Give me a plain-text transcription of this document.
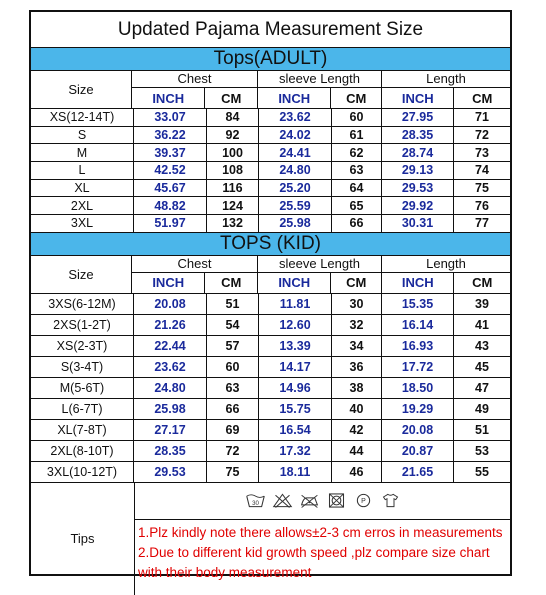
Updated Pajama Measurement Size
Tops(ADULT)
Size
Chest
INCH	CM
sleeve Length
INCH	CM
Length
INCH	CM
XS(12-14T)	33.07	84	23.62	60	27.95	71
S	36.22	92	24.02	61	28.35	72
M	39.37	100	24.41	62	28.74	73
L	42.52	108	24.80	63	29.13	74
XL	45.67	116	25.20	64	29.53	75
2XL	48.82	124	25.59	65	29.92	76
3XL	51.97	132	25.98	66	30.31	77
TOPS (KID)
Size
Chest
INCH	CM
sleeve Length
INCH	CM
Length
INCH	CM
3XS(6-12M)	20.08	51	11.81	30	15.35	39
2XS(1-2T)	21.26	54	12.60	32	16.14	41
XS(2-3T)	22.44	57	13.39	34	16.93	43
S(3-4T)	23.62	60	14.17	36	17.72	45
M(5-6T)	24.80	63	14.96	38	18.50	47
L(6-7T)	25.98	66	15.75	40	19.29	49
XL(7-8T)	27.17	69	16.54	42	20.08	51
2XL(8-10T)	28.35	72	17.32	44	20.87	53
3XL(10-12T)	29.53	75	18.11	46	21.65	55
Tips
30	P
1.Plz kindly note there allows±2-3 cm erros in measurements
2.Due to different kid growth speed ,plz compare size chart with their body measurement
